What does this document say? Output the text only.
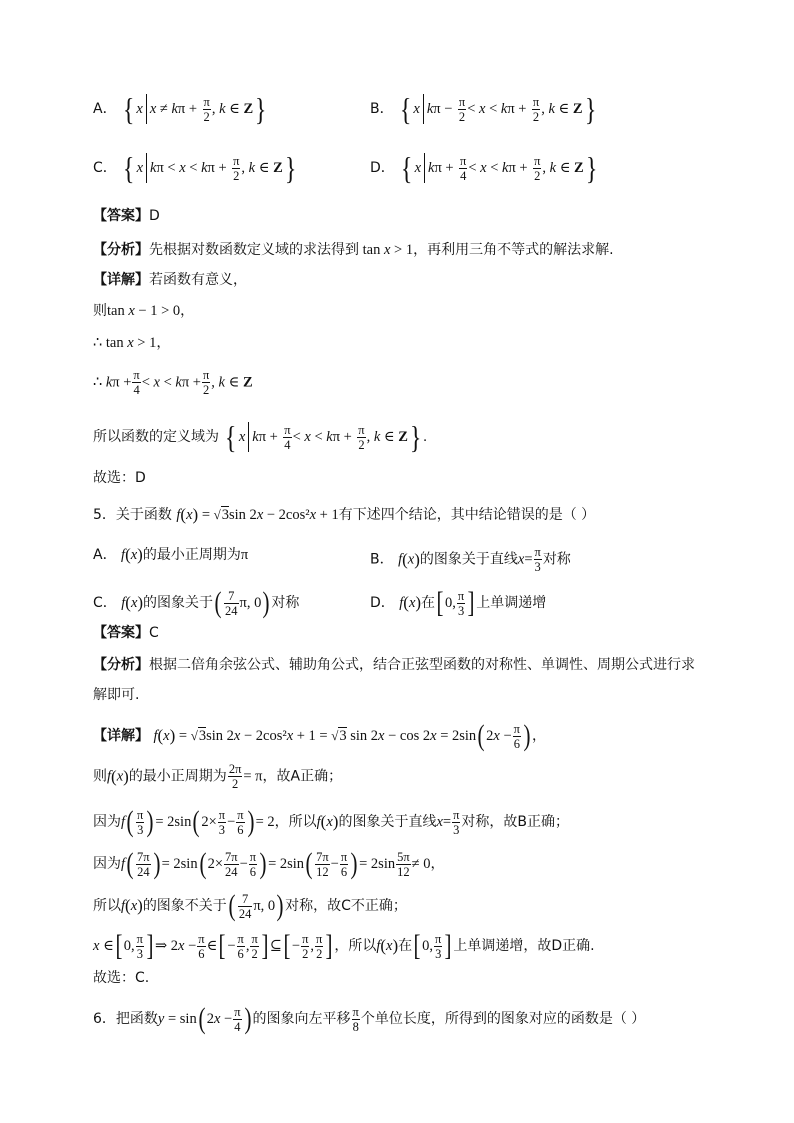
A． { x $x \ne k\pi + \frac{\pi}{2}$ , k ∈ Z}	B． { x $k\pi - \frac{\pi}{2} < x < k\pi + \frac{\pi}{2}$ , k ∈ Z}
C． { x $k\pi < x < k\pi + \frac{\pi}{2}$ , k ∈ Z}	D． { x $k\pi + \frac{\pi}{4} < x < k\pi + \frac{\pi}{2}$ , k ∈ Z}
【答案】D
【分析】先根据对数函数定义域的求法得到 tan x > 1，再利用三角不等式的解法求解.
【详解】若函数有意义，
则tan x − 1 > 0，
∴ tan x > 1，
∴ $k\pi + \frac{\pi}{4} < x < k\pi + \frac{\pi}{2}$ , k ∈ Z
所以函数的定义域为 { x $k\pi + \frac{\pi}{4} < x < k\pi + \frac{\pi}{2}$ , k ∈ Z} .
故选：D
5．关于函数 f(x) = √3sin 2x − 2cos²x + 1有下述四个结论，其中结论错误的是（ ）
A． f(x)的最小正周期为π	B． f(x)的图象关于直线$x= \frac{\pi}{3}$ 对称
C． f(x)的图象关于( $\frac{7}{24} \pi$, 0) 对称	D． f(x)在[ 0, $\frac{\pi}{3}$ ] 上单调递增
【答案】C
【分析】根据二倍角余弦公式、辅助角公式，结合正弦型函数的对称性、单调性、周期公式进行求
解即可.
【详解】 f(x) = √3sin 2x − 2cos²x + 1 = √3 sin 2x − cos 2x = 2sin( $2x - \frac{\pi}{6}$ ) ，
则f(x)的最小正周期为 $\frac{2\pi}{2} = \pi$，故A正确；
因为$f( \frac{\pi}{3}$ ) = 2sin( $2\times \frac{\pi}{3} - \frac{\pi}{6}$ ) = 2，所以f(x)的图象关于直线$x= \frac{\pi}{3}$ 对称，故B正确；
因为$f( \frac{7\pi}{24}$ ) = 2sin( $2\times \frac{7\pi}{24} - \frac{\pi}{6}$ ) = $2\sin( \frac{7\pi}{12} - \frac{\pi}{6}$ ) = $2\sin \frac{5\pi}{12} \ne 0$，
所以f(x)的图象不关于( $\frac{7}{24} \pi$, 0) 对称，故C不正确；
x ∈[ 0, $\frac{\pi}{3}$ ] ⇒ $2x - \frac{\pi}{6}$ ∈[ − $\frac{\pi}{6}$ , $\frac{\pi}{2}$ ] ⊆[ − $\frac{\pi}{2}$ , $\frac{\pi}{2}$ ] ，所以f(x)在[ 0, $\frac{\pi}{3}$ ] 上单调递增，故D正确.
故选：C.
6．把函数y = sin( $2x - \frac{\pi}{4}$ ) 的图象向左平移 $\frac{\pi}{8}$ 个单位长度，所得到的图象对应的函数是（ ）
